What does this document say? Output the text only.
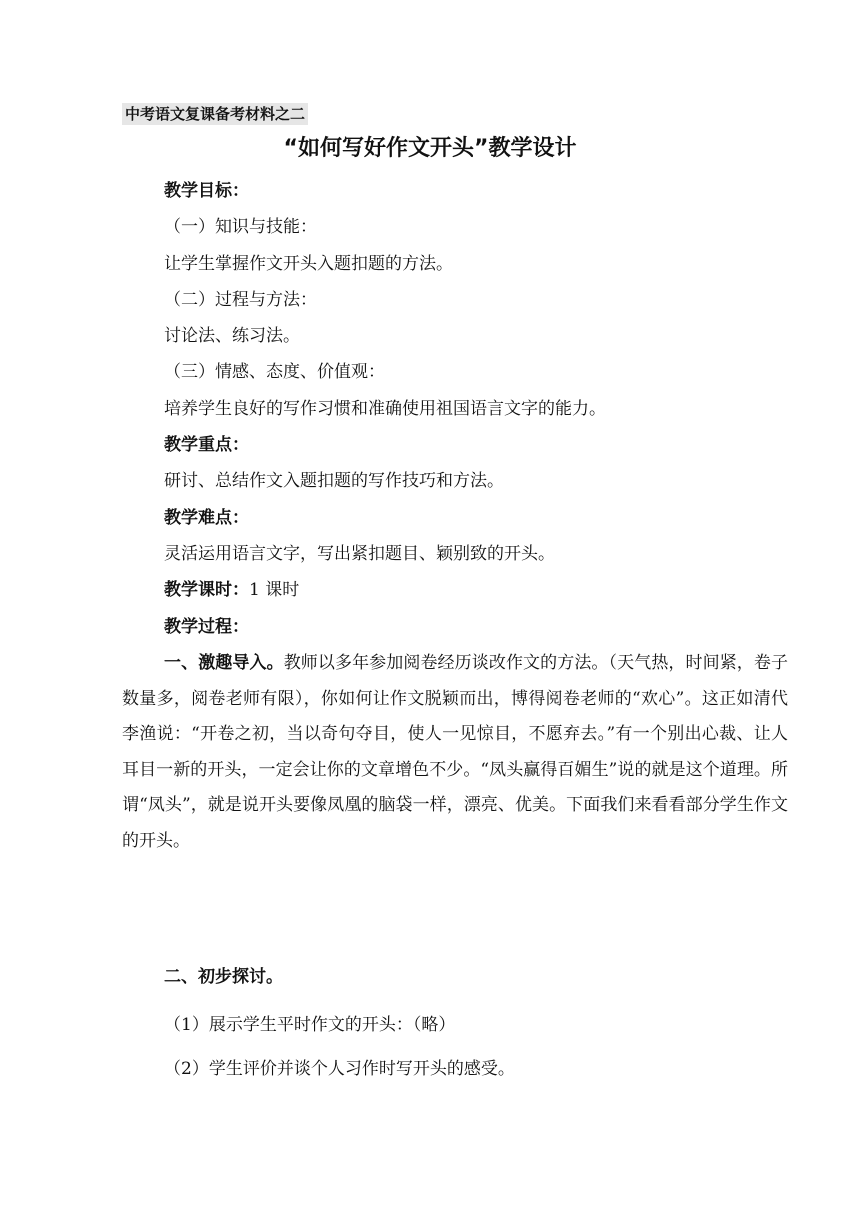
中考语文复课备考材料之二
“如何写好作文开头”教学设计
教学目标：
（一）知识与技能：
让学生掌握作文开头入题扣题的方法。
（二）过程与方法：
讨论法、练习法。
（三）情感、态度、价值观：
培养学生良好的写作习惯和准确使用祖国语言文字的能力。
教学重点：
研讨、总结作文入题扣题的写作技巧和方法。
教学难点：
灵活运用语言文字，写出紧扣题目、颖别致的开头。
教学课时：1 课时
教学过程：
一、激趣导入。教师以多年参加阅卷经历谈改作文的方法。（天气热，时间紧，卷子数量多，阅卷老师有限），你如何让作文脱颖而出，博得阅卷老师的“欢心”。这正如清代李渔说：“开卷之初，当以奇句夺目，使人一见惊目，不愿弃去。”有一个别出心裁、让人耳目一新的开头，一定会让你的文章增色不少。“凤头赢得百媚生”说的就是这个道理。所谓“凤头”，就是说开头要像凤凰的脑袋一样，漂亮、优美。下面我们来看看部分学生作文的开头。
二、初步探讨。
（1）展示学生平时作文的开头：（略）
（2）学生评价并谈个人习作时写开头的感受。
